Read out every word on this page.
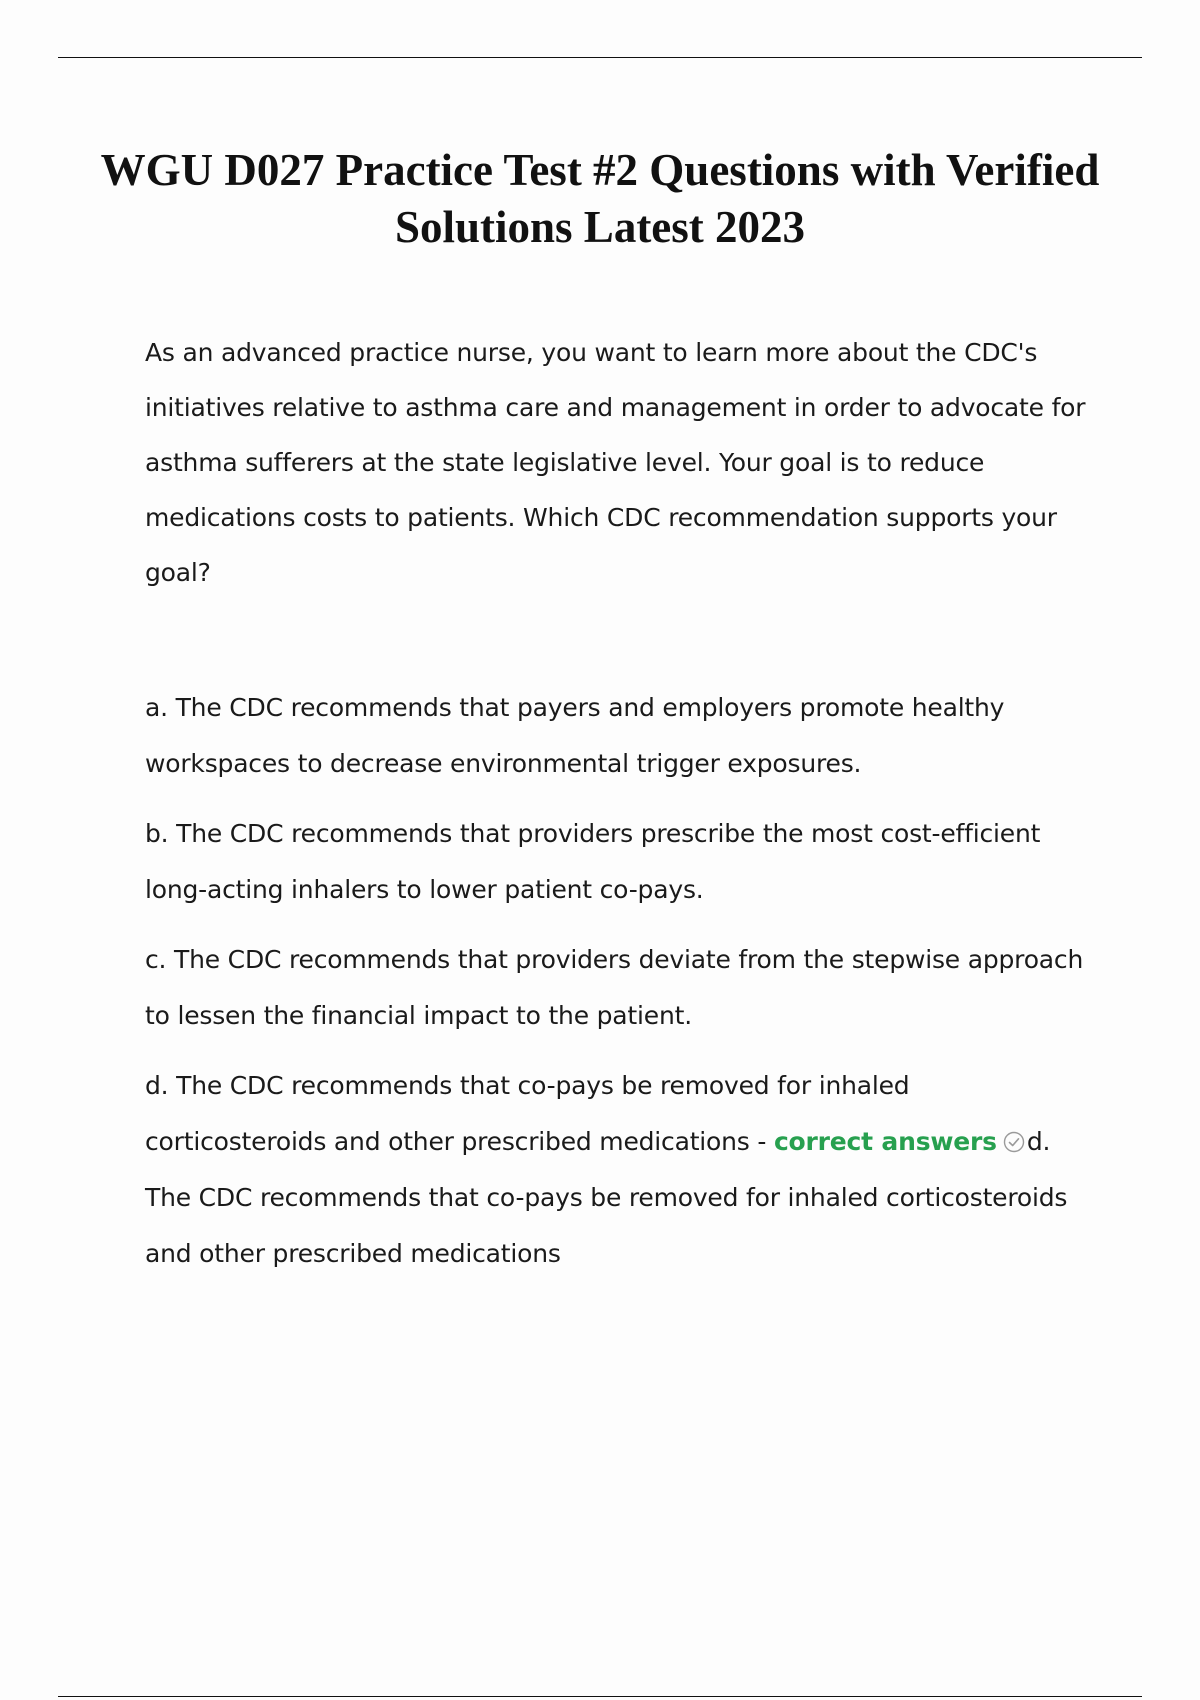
WGU D027 Practice Test #2 Questions with Verified Solutions Latest 2023

As an advanced practice nurse, you want to learn more about the CDC's initiatives relative to asthma care and management in order to advocate for asthma sufferers at the state legislative level. Your goal is to reduce medications costs to patients. Which CDC recommendation supports your goal?

a. The CDC recommends that payers and employers promote healthy workspaces to decrease environmental trigger exposures.

b. The CDC recommends that providers prescribe the most cost-efficient long-acting inhalers to lower patient co-pays.

c. The CDC recommends that providers deviate from the stepwise approach to lessen the financial impact to the patient.

d. The CDC recommends that co-pays be removed for inhaled corticosteroids and other prescribed medications - correct answers d. The CDC recommends that co-pays be removed for inhaled corticosteroids and other prescribed medications
